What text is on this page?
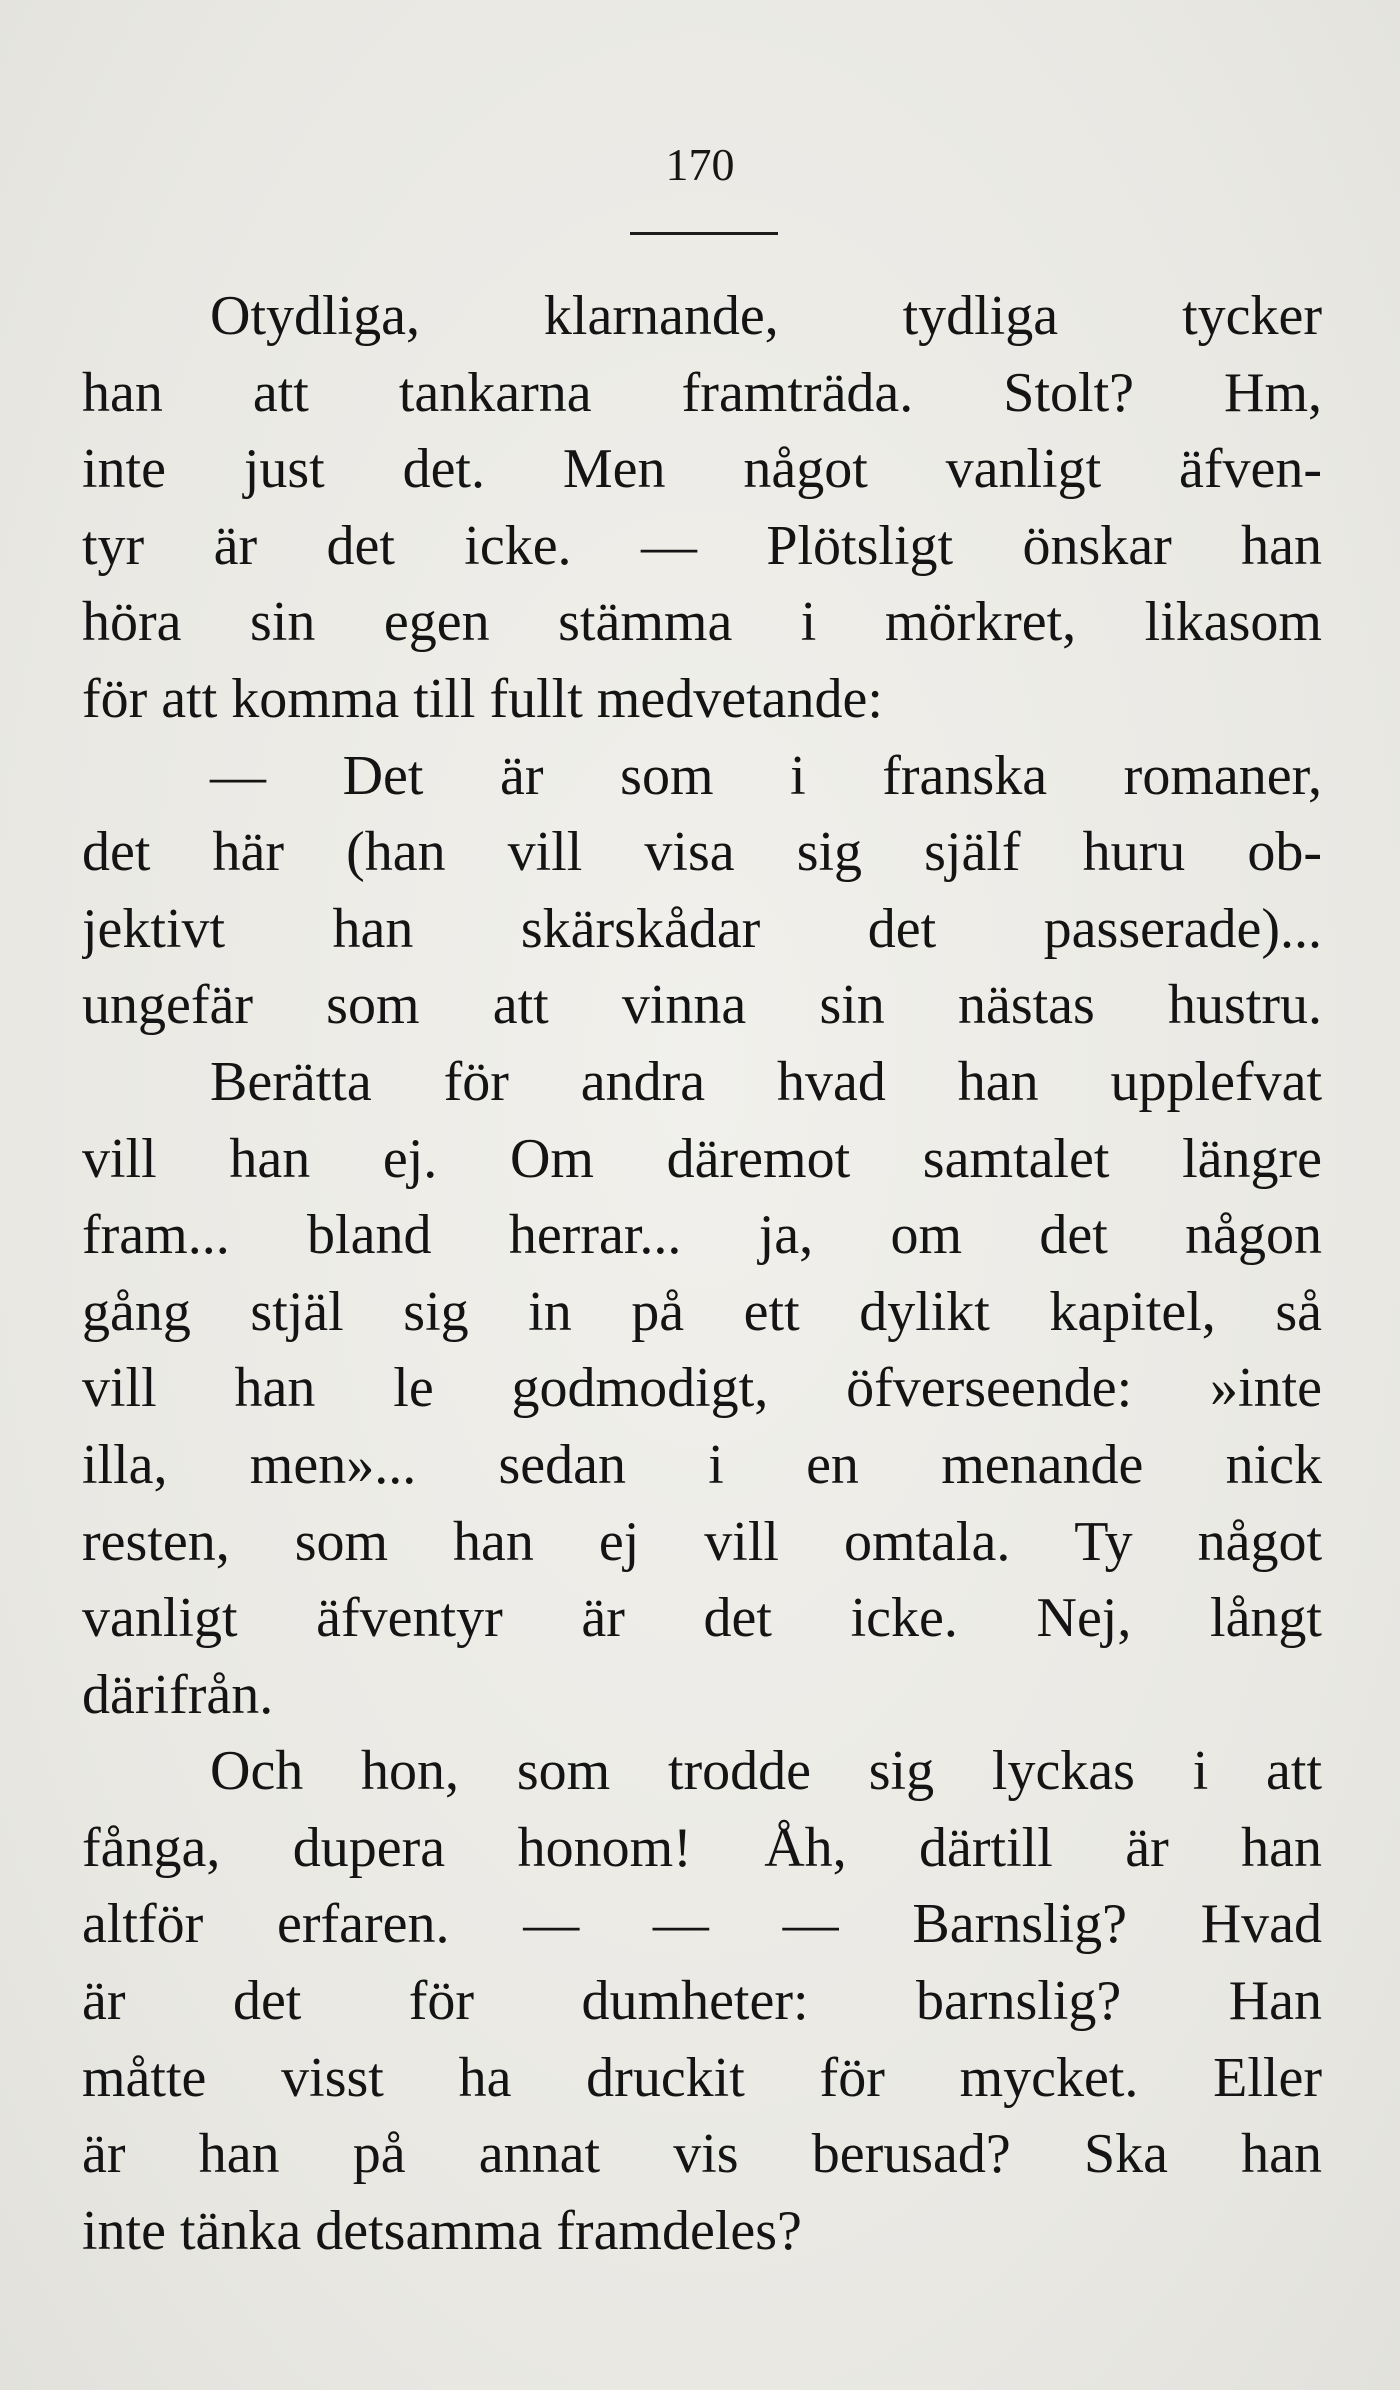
170
Otydliga, klarnande, tydliga tycker
han att tankarna framträda. Stolt? Hm,
inte just det. Men något vanligt äfven-
tyr är det icke. — Plötsligt önskar han
höra sin egen stämma i mörkret, likasom
för att komma till fullt medvetande:
— Det är som i franska romaner,
det här (han vill visa sig själf huru ob-
jektivt han skärskådar det passerade)...
ungefär som att vinna sin nästas hustru.
Berätta för andra hvad han upplefvat
vill han ej. Om däremot samtalet längre
fram... bland herrar... ja, om det någon
gång stjäl sig in på ett dylikt kapitel, så
vill han le godmodigt, öfverseende: »inte
illa, men»... sedan i en menande nick
resten, som han ej vill omtala. Ty något
vanligt äfventyr är det icke. Nej, långt
därifrån.
Och hon, som trodde sig lyckas i att
fånga, dupera honom! Åh, därtill är han
altför erfaren. — — — Barnslig? Hvad
är det för dumheter: barnslig? Han
måtte visst ha druckit för mycket. Eller
är han på annat vis berusad? Ska han
inte tänka detsamma framdeles?
